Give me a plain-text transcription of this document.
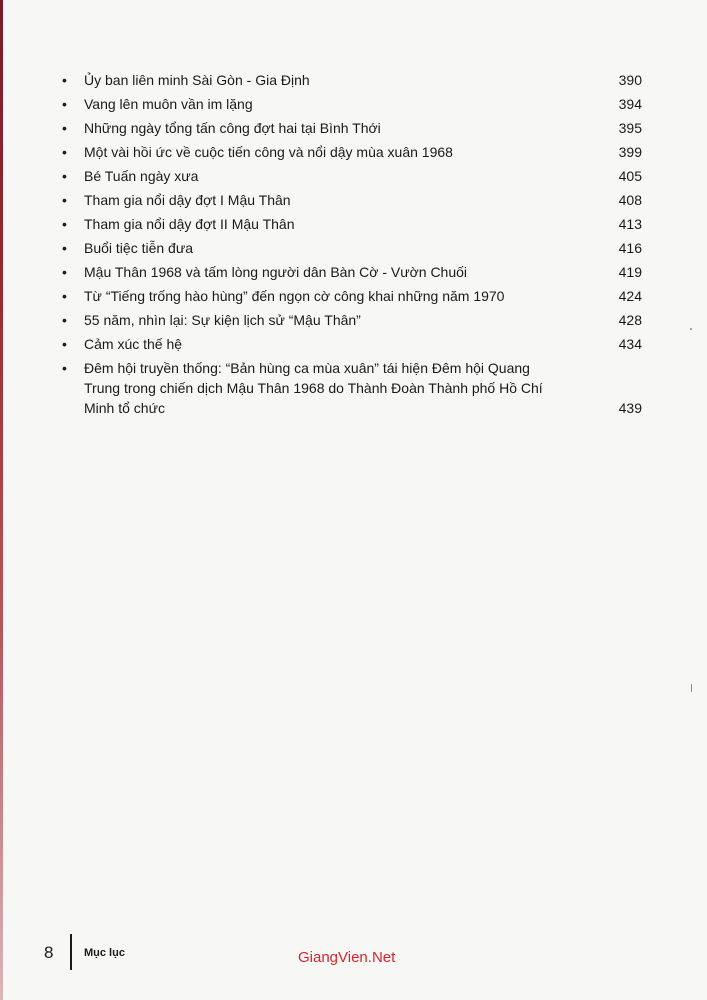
•	Ủy ban liên minh Sài Gòn - Gia Định	390
•	Vang lên muôn vần im lặng	394
•	Những ngày tổng tấn công đợt hai tại Bình Thới	395
•	Một vài hồi ức về cuộc tiến công và nổi dậy mùa xuân 1968	399
•	Bé Tuấn ngày xưa	405
•	Tham gia nổi dậy đợt I Mậu Thân	408
•	Tham gia nổi dậy đợt II Mậu Thân	413
•	Buổi tiệc tiễn đưa	416
•	Mậu Thân 1968 và tấm lòng người dân Bàn Cờ - Vườn Chuối	419
•	Từ “Tiếng trống hào hùng” đến ngọn cờ công khai những năm 1970	424
•	55 năm, nhìn lại: Sự kiện lịch sử “Mậu Thân”	428
•	Cảm xúc thế hệ	434
•	Đêm hội truyền thống: “Bản hùng ca mùa xuân” tái hiện Đêm hội Quang Trung trong chiến dịch Mậu Thân 1968 do Thành Đoàn Thành phố Hồ Chí Minh tổ chức	439
8	Mục lục	GiangVien.Net
